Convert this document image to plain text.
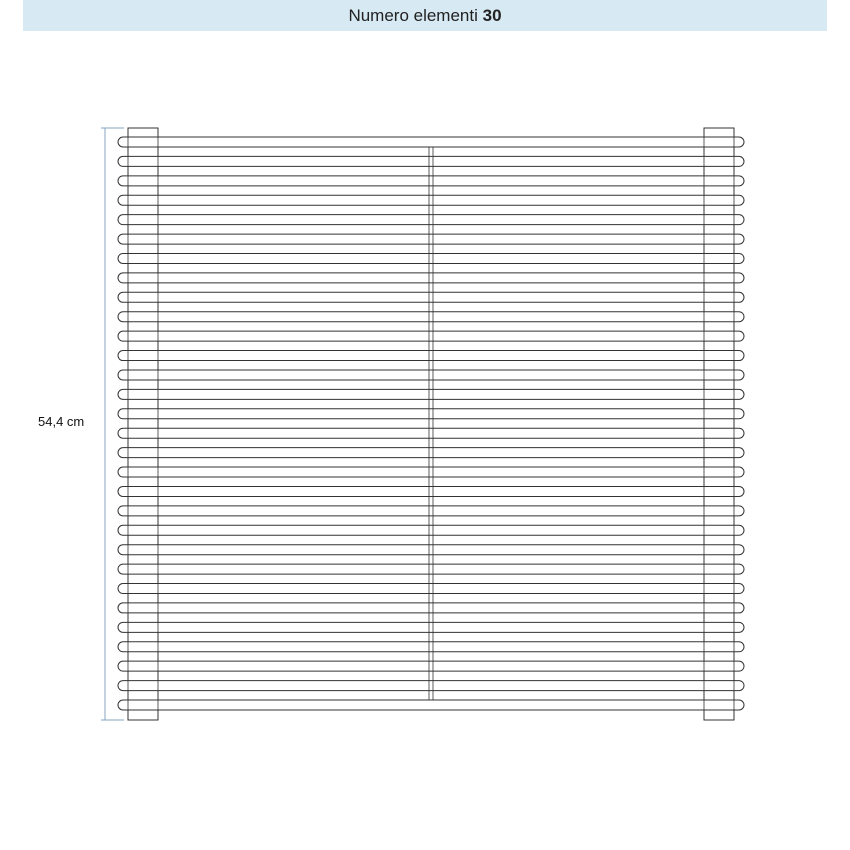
Numero elementi 30
54,4 cm
